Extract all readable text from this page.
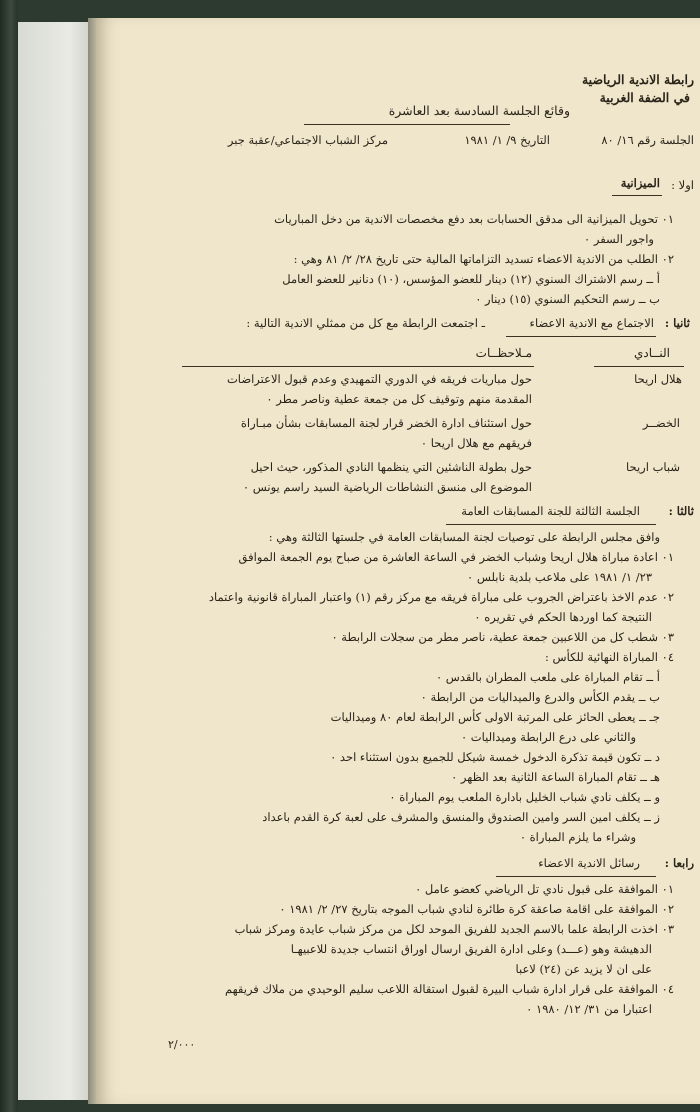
رابطة الاندية الرياضية
في الضفة الغربية
وقائع الجلسة السادسة بعد العاشرة
الجلسة رقم ١٦/ ٨٠
التاريخ ٩/ ١/ ١٩٨١
مركز الشباب الاجتماعي/عقبة جبر
اولا :
الميزانية
٠١ تحويل الميزانية الى مدقق الحسابات بعد دفع مخصصات الاندية من دخل المباريات
واجور السفر ٠
٠٢ الطلب من الاندية الاعضاء تسديد التزاماتها المالية حتى تاريخ ٢٨/ ٢/ ٨١ وهي :
أ ــ رسم الاشتراك السنوي (١٢) دينار للعضو المؤسس، (١٠) دنانير للعضو العامل
ب ــ رسم التحكيم السنوي (١٥) دينار ٠
ثانيا :
الاجتماع مع الاندية الاعضاء
ـ اجتمعت الرابطة مع كل من ممثلي الاندية التالية :
النــادي
مـلاحظــات
هلال اريحا
حول مباريات فريقه في الدوري التمهيدي وعدم قبول الاعتراضات
المقدمة منهم وتوقيف كل من جمعة عطية وناصر مطر ٠
الخضــر
حول استئناف ادارة الخضر قرار لجنة المسابقات بشأن مبـاراة
فريقهم مع هلال اريحا ٠
شباب اريحا
حول بطولة الناشئين التي ينظمها النادي المذكور، حيث احيل
الموضوع الى منسق النشاطات الرياضية السيد راسم يونس ٠
ثالثا :
الجلسة الثالثة للجنة المسابقات العامة
وافق مجلس الرابطة على توصيات لجنة المسابقات العامة في جلستها الثالثة وهي :
٠١ اعادة مباراة هلال اريحا وشباب الخضر في الساعة العاشرة من صباح يوم الجمعة الموافق
٢٣/ ١/ ١٩٨١ على ملاعب بلدية نابلس ٠
٠٢ عدم الاخذ باعتراض الجروب على مباراة فريقه مع مركز رقم (١) واعتبار المباراة قانونية واعتماد
النتيجة كما اوردها الحكم في تقريره ٠
٠٣ شطب كل من اللاعبين جمعة عطية، ناصر مطر من سجلات الرابطة ٠
٠٤ المباراة النهائية للكأس :
أ ــ تقام المباراة على ملعب المطران بالقدس ٠
ب ــ يقدم الكأس والدرع والميداليات من الرابطة ٠
جـ ــ يعطى الحائز على المرتبة الاولى كأس الرابطة لعام ٨٠ وميداليات
والثاني على درع الرابطة وميداليات ٠
د ــ تكون قيمة تذكرة الدخول خمسة شيكل للجميع بدون استثناء احد ٠
هـ ــ تقام المباراة الساعة الثانية بعد الظهر ٠
و ــ يكلف نادي شباب الخليل بادارة الملعب يوم المباراة ٠
ز ــ يكلف امين السر وامين الصندوق والمنسق والمشرف على لعبة كرة القدم باعداد
وشراء ما يلزم المباراة ٠
رابعا :
رسائل الاندية الاعضاء
٠١ الموافقة على قبول نادي تل الرياضي كعضو عامل ٠
٠٢ الموافقة على اقامة صاعقة كرة طائرة لنادي شباب الموجه بتاريخ ٢٧/ ٢/ ١٩٨١ ٠
٠٣ اخذت الرابطة علما بالاسم الجديد للفريق الموحد لكل من مركز شباب عايدة ومركز شباب
الدهيشة وهو (عـــد) وعلى ادارة الفريق ارسال اوراق انتساب جديدة للاعبيهـا
على ان لا يزيد عن (٢٤) لاعبا
٠٤ الموافقة على قرار ادارة شباب البيرة لقبول استقالة اللاعب سليم الوحيدي من ملاك فريقهم
اعتبارا من ٣١/ ١٢/ ١٩٨٠ ٠
٢/٠٠٠
